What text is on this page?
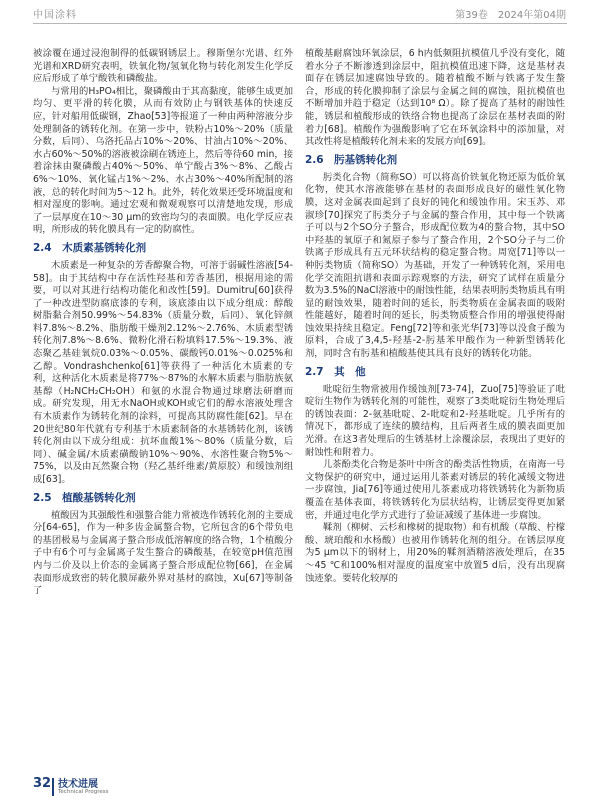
中国涂料	第39卷　2024年第04期

被涂覆在通过浸泡制得的低碳钢锈层上。穆斯堡尔光谱、红外光谱和XRD研究表明，铁氧化物/氢氧化物与转化剂发生化学反应后形成了单宁酸铁和磷酸盐。

与常用的H₃PO₄相比，聚磷酸由于其高黏度，能够生成更加均匀、更平滑的转化膜，从而有效防止与钢铁基体的快速反应，针对船用低碳钢，Zhao[53]等报道了一种由两种溶液分步处理制备的锈转化剂。在第一步中，铁粉占10%～20%（质量分数，后同）、乌洛托品占10%～20%、甘油占10%～20%、水占60%～50%的溶液被涂刷在锈迹上，然后等待60 min，接着涂抹由聚磷酸占40%～50%、单宁酸占3%～8%、乙酸占6%～10%、氧化锰占1%～2%、水占30%～40%所配制的溶液，总的转化时间为5～12 h。此外，转化效果还受环境温度和相对湿度的影响。通过宏观和微观观察可以清楚地发现，形成了一层厚度在10～30 μm的致密均匀的表面膜。电化学反应表明，所形成的转化膜具有一定的防腐性。

2.4　木质素基锈转化剂

木质素是一种复杂的芳香醇聚合物，可溶于弱碱性溶液[54-58]。由于其结构中存在活性羟基和芳香基团，根据用途的需要，可以对其进行结构功能化和改性[59]。Dumitru[60]获得了一种改进型防腐底漆的专利，该底漆由以下成分组成：醇酸树脂黏合剂50.99%～54.83%（质量分数，后同）、氧化锌颜料7.8%～8.2%、脂肪酸干燥剂2.12%～2.76%、木质素型锈转化剂7.8%～8.6%、微粉化滑石粉填料17.5%～19.3%、液态聚乙基硅氧烷0.03%～0.05%、碳酸钙0.01%～0.025%和乙醇。Vondrashchenko[61]等获得了一种活化木质素的专利，这种活化木质素是将77%～87%的水解木质素与脂肪族氨基醇（H₂NCH₂CH₂OH）和氨的水混合物通过球磨法研磨而成。研究发现，用无水NaOH或KOH或它们的醇水溶液处理含有木质素作为锈转化剂的涂料，可提高其防腐性能[62]。早在20世纪80年代就有专利基于木质素制备的水基锈转化剂，该锈转化剂由以下成分组成：抗坏血酸1%～80%（质量分数，后同）、碱金属/木质素磺酸钠10%～90%、水溶性聚合物5%～75%，以及由瓦然聚合物（羟乙基纤维素/黄原胶）和缓蚀剂组成[63]。

2.5　植酸基锈转化剂

植酸因为其强酸性和强螯合能力常被选作锈转化剂的主要成分[64-65]，作为一种多齿金属螯合物，它所包含的6个带负电的基团极易与金属离子螯合形成低溶解度的络合物，1个植酸分子中有6个可与金属离子发生螯合的磷酸基，在较宽pH值范围内与二价及以上价态的金属离子螯合形成配位物[66]，在金属表面形成致密的转化膜屏蔽外界对基材的腐蚀，Xu[67]等制备了

植酸基耐腐蚀环氧涂层，6 h内低频阻抗模值几乎没有变化，随着水分子不断渗透到涂层中，阻抗模值迅速下降，这是基材表面存在锈层加速腐蚀导致的。随着植酸不断与铁离子发生螯合，形成的转化膜抑制了涂层与金属之间的腐蚀，阻抗模值也不断增加并趋于稳定（达到10⁸ Ω）。除了提高了基材的耐蚀性能，锈层和植酸形成的铁络合物也提高了涂层在基材表面的附着力[68]。植酸作为强酸影响了它在环氧涂料中的添加量，对其改性将是植酸转化剂未来的发展方向[69]。

2.6　肟基锈转化剂

肟类化合物（简称SO）可以将高价铁氧化物还原为低价氧化物，使其水溶液能够在基材的表面形成良好的磁性氧化物膜，这对金属表面起到了良好的钝化和缓蚀作用。宋玉苏、邓淑珍[70]探究了肟类分子与金属的螯合作用，其中每一个铁离子可以与2个SO分子螯合，形成配位数为4的螯合物，其中SO中羟基的氧原子和氮原子参与了螯合作用，2个SO分子与二价铁离子形成具有五元环状结构的稳定螯合物。周宽[71]等以一种肟类物质（简称SO）为基础，开发了一种锈转化剂，采用电化学交流阻抗谱和表面示踪观察的方法，研究了试样在质量分数为3.5%的NaCl溶液中的耐蚀性能，结果表明肟类物质具有明显的耐蚀效果，随着时间的延长，肟类物质在金属表面的吸附性能越好，随着时间的延长，肟类物质整合作用的增强使得耐蚀效果持续且稳定。Feng[72]等和张光华[73]等以没食子酸为原料，合成了3,4,5-羟基-2-肟基苯甲酸作为一种新型锈转化剂，同时含有肟基和植酸基使其具有良好的锈转化功能。

2.7　其　他

吡啶衍生物常被用作缓蚀剂[73-74]，Zuo[75]等验证了吡啶衍生物作为锈转化剂的可能性，观察了3类吡啶衍生物处理后的锈蚀表面：2-氨基吡啶、2-吡啶和2-羟基吡啶。几乎所有的情况下，都形成了连续的膜结构，且后两者生成的膜表面更加光滑。在这3者处理后的生锈基材上涂覆涂层，表现出了更好的耐蚀性和附着力。

儿茶酚类化合物是茶叶中所含的酚类活性物质，在南海一号文物保护的研究中，通过运用儿茶素对锈层的转化减缓文物进一步腐蚀，Jia[76]等通过使用儿茶素成功将铁锈转化为新物质覆盖在基体表面，将铁锈转化为层状结构，让锈层变得更加紧密，并通过电化学方式进行了验证减缓了基体进一步腐蚀。

鞣剂（柳树、云杉和橡树的提取物）和有机酸（草酸、柠檬酸、琥珀酸和水杨酸）也被用作锈转化剂的组分。在锈层厚度为5 μm以下的钢材上，用20%的鞣剂酒精溶液处理后，在35～45 ℃和100%相对湿度的温度室中放置5 d后，没有出现腐蚀迹象。要转化较厚的

32 技术进展
Technical Progress
